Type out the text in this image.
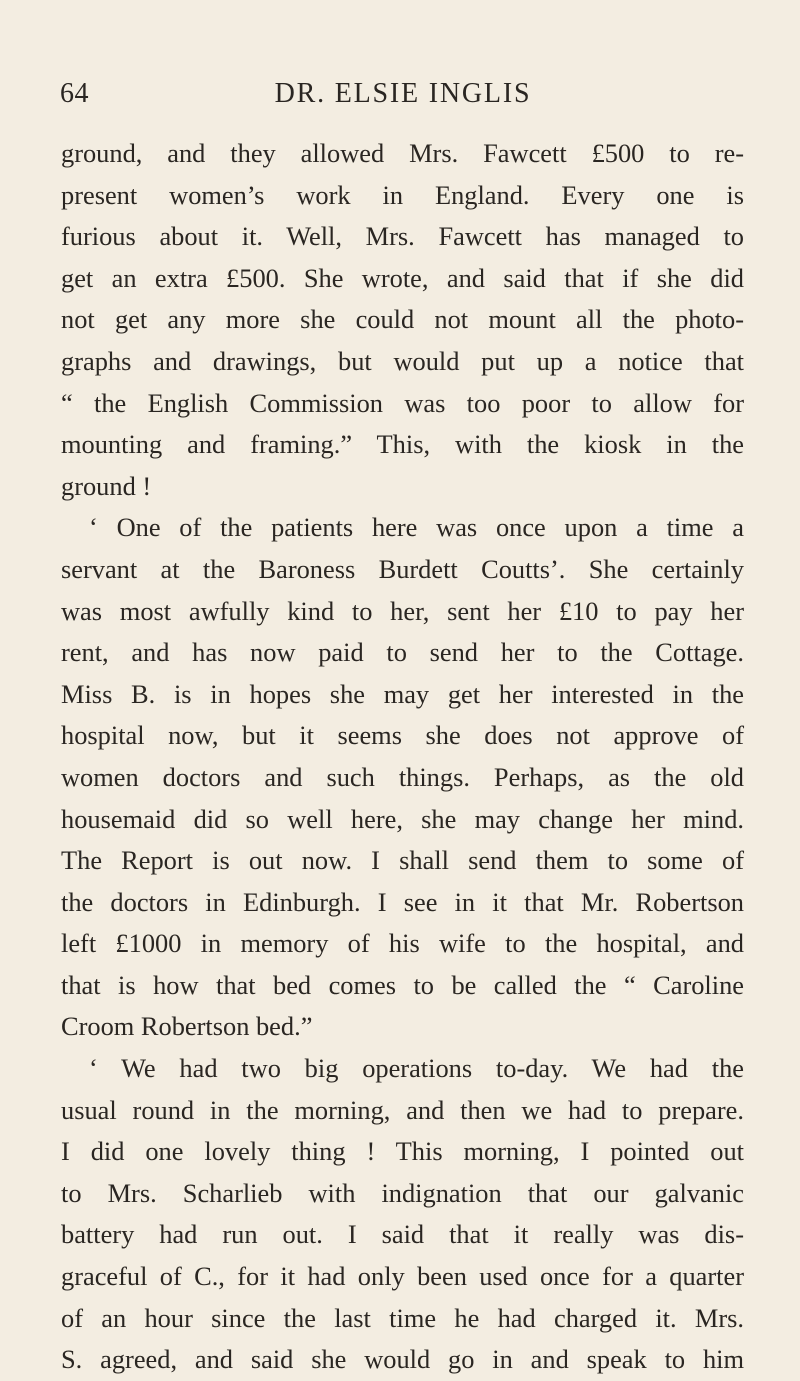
64	DR. ELSIE INGLIS
ground, and they allowed Mrs. Fawcett £500 to re-
present women’s work in England. Every one is
furious about it. Well, Mrs. Fawcett has managed to
get an extra £500. She wrote, and said that if she did
not get any more she could not mount all the photo-
graphs and drawings, but would put up a notice that
“ the English Commission was too poor to allow for
mounting and framing.” This, with the kiosk in the
ground !
‘ One of the patients here was once upon a time a
servant at the Baroness Burdett Coutts’. She certainly
was most awfully kind to her, sent her £10 to pay her
rent, and has now paid to send her to the Cottage.
Miss B. is in hopes she may get her interested in the
hospital now, but it seems she does not approve of
women doctors and such things. Perhaps, as the old
housemaid did so well here, she may change her mind.
The Report is out now. I shall send them to some of
the doctors in Edinburgh. I see in it that Mr. Robertson
left £1000 in memory of his wife to the hospital, and
that is how that bed comes to be called the “ Caroline
Croom Robertson bed.”
‘ We had two big operations to-day. We had the
usual round in the morning, and then we had to prepare.
I did one lovely thing ! This morning, I pointed out
to Mrs. Scharlieb with indignation that our galvanic
battery had run out. I said that it really was dis-
graceful of C., for it had only been used once for a quarter
of an hour since the last time he had charged it. Mrs.
S. agreed, and said she would go in and speak to him
